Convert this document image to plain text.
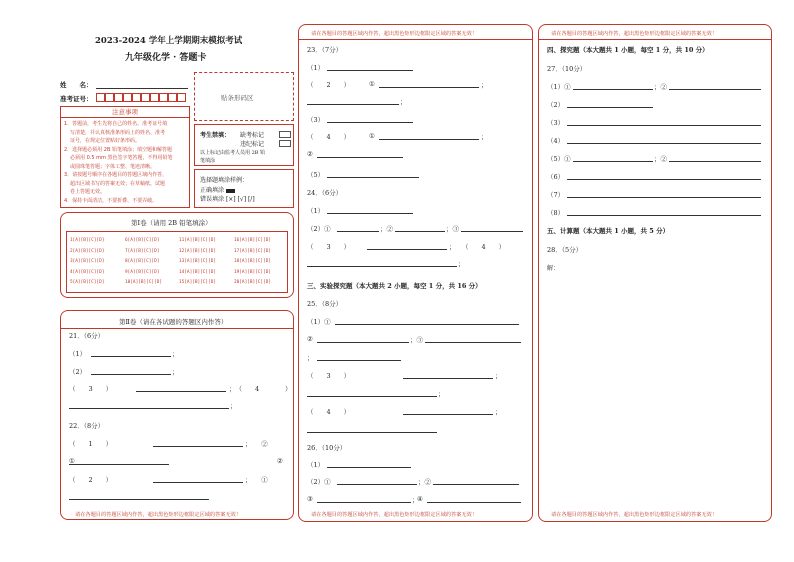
2023-2024 学年上学期期末模拟考试
九年级化学 · 答题卡
姓　　名：
准考证号：	贴条形码区
注意事项
1．答题前，考生先将自己的姓名、准考证号填
写清楚，并认真核准条形码上的姓名、准考
证号，在规定位置贴好条形码。
2．选择题必须用 2B 铅笔填涂；填空题和解答题
必须用 0.5 mm 黑色签字笔答题，不得用铅笔
或圆珠笔答题；字体工整、笔迹清晰。
3．请按题号顺序在各题目的答题区域内作答，
超出区域书写的答案无效；在草稿纸、试题
卷上答题无效。
4．保持卡面清洁，不要折叠、不要弄破。
考生禁填： 缺考标记
违纪标记
以上标记由监考人员用 2B 铅
笔填涂
选择题填涂样例：
正确填涂
错误填涂 [×] [√] [/]
第Ⅰ卷（请用 2B 铅笔填涂）
1[A][B][C][D]
2[A][B][C][D]
3[A][B][C][D]
4[A][B][C][D]
5[A][B][C][D]
6[A][B][C][D]
7[A][B][C][D]
8[A][B][C][D]
9[A][B][C][D]
10[A][B][C][D]
11[A][B][C][D]
12[A][B][C][D]
13[A][B][C][D]
14[A][B][C][D]
15[A][B][C][D]
16[A][B][C][D]
17[A][B][C][D]
18[A][B][C][D]
19[A][B][C][D]
20[A][B][C][D]
第Ⅱ卷（请在各试题的答题区内作答）
21．（6分）
（1）	；
（2）	；
（　　3　　）	；　（　　4	）
；
22．（8分）
（　　1　　）	；　　②
①	②
（　　2　　）	；　　①
请在各题目的答题区域内作答，超出黑色矩形边框限定区域的答案无效！
请在各题目的答题区域内作答，超出黑色矩形边框限定区域的答案无效！
23．（7分）
（1）
（　　2　　）	①	；
；
（3）
（　　4　　）	①	；
②
（5）
24．（6分）
（1）
（2）①	；②	；③
（　　3　　）	；　　（　　4　　）
；
三、实验探究题（本大题共 2 小题，每空 1 分，共 16 分）
25．（8分）
（1）①
②	；③
；
（　　3　　）	；
；
（　　4　　）	；
26．（10分）
（1）
（2）①	；②
③	；
④
请在各题目的答题区域内作答，超出黑色矩形边框限定区域的答案无效！
请在各题目的答题区域内作答，超出黑色矩形边框限定区域的答案无效！
四、探究题（本大题共 1 小题，每空 1 分，共 10 分）
27．（10分）
（1）①	；②
（2）
（3）
（4）
（5）①	；②
（6）
（7）
（8）
五、计算题（本大题共 1 小题，共 5 分）
28．（5分）
解：
请在各题目的答题区域内作答，超出黑色矩形边框限定区域的答案无效！
